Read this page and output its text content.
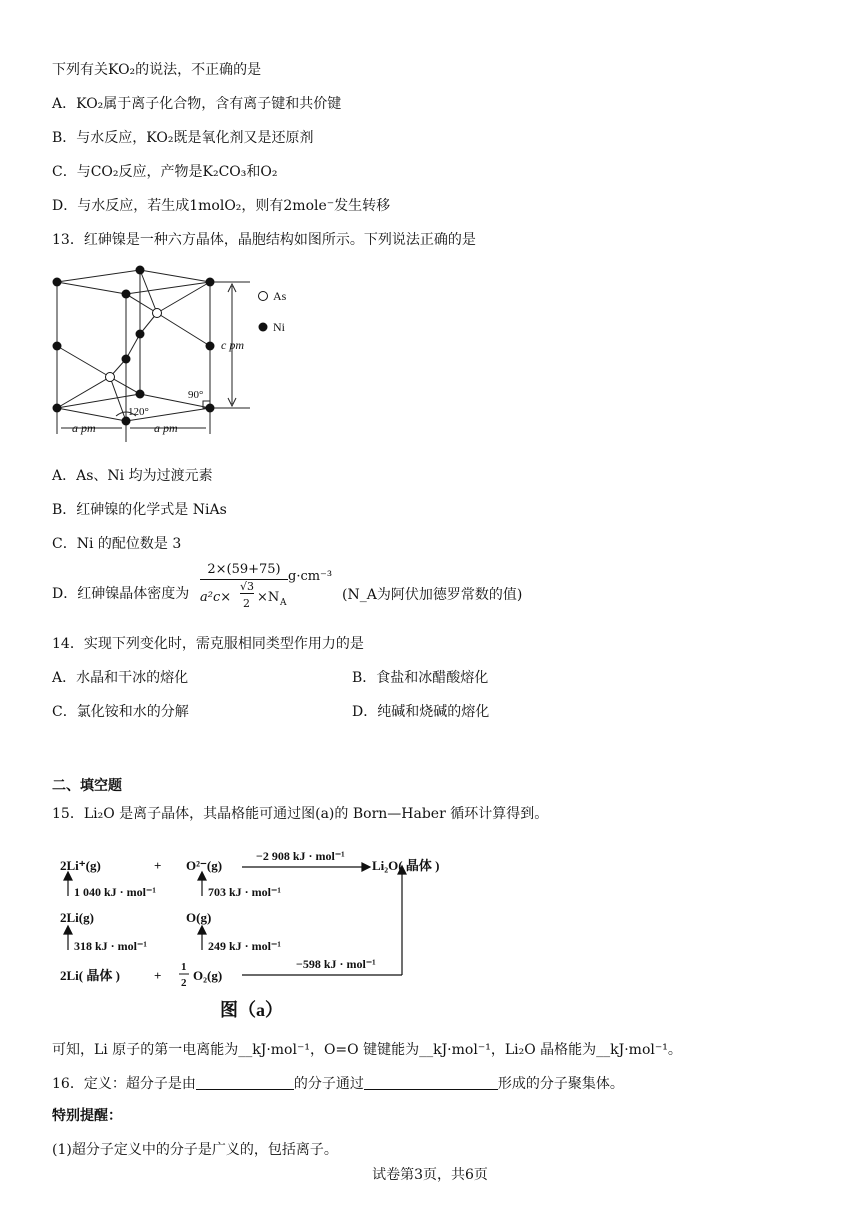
下列有关KO₂的说法，不正确的是
A．KO₂属于离子化合物，含有离子键和共价键
B．与水反应，KO₂既是氧化剂又是还原剂
C．与CO₂反应，产物是K₂CO₃和O₂
D．与水反应，若生成1molO₂，则有2mole⁻发生转移
13．红砷镍是一种六方晶体，晶胞结构如图所示。下列说法正确的是
As
Ni
c pm
a pm	a pm
120°
90°
A．As、Ni 均为过渡元素
B．红砷镍的化学式是 NiAs
C．Ni 的配位数是 3
D．红砷镍晶体密度为 2×(59+75)
a²c×
√3
2 ×N A
g·cm⁻³
(N_A为阿伏加德罗常数的值)
14．实现下列变化时，需克服相同类型作用力的是
A．水晶和干冰的熔化	B．食盐和冰醋酸熔化
C．氯化铵和水的分解	D．纯碱和烧碱的熔化
二、填空题
15．Li₂O 是离子晶体，其晶格能可通过图(a)的 Born—Haber 循环计算得到。
2Li⁺(g)	+ O²⁻(g)
−2 908 kJ · mol⁻¹
Li₂O( 晶体 )
1 040 kJ · mol⁻¹	703 kJ · mol⁻¹
2Li(g)	O(g)
318 kJ · mol⁻¹	249 kJ · mol⁻¹
2Li( 晶体 )	+
1
2 O₂(g)
−598 kJ · mol⁻¹
图（a）
可知，Li 原子的第一电离能为__kJ·mol⁻¹，O=O 键键能为__kJ·mol⁻¹，Li₂O 晶格能为__kJ·mol⁻¹。
16．定义：超分子是由	的分子通过	形成的分子聚集体。
特别提醒：
(1)超分子定义中的分子是广义的，包括离子。
试卷第3页，共6页
